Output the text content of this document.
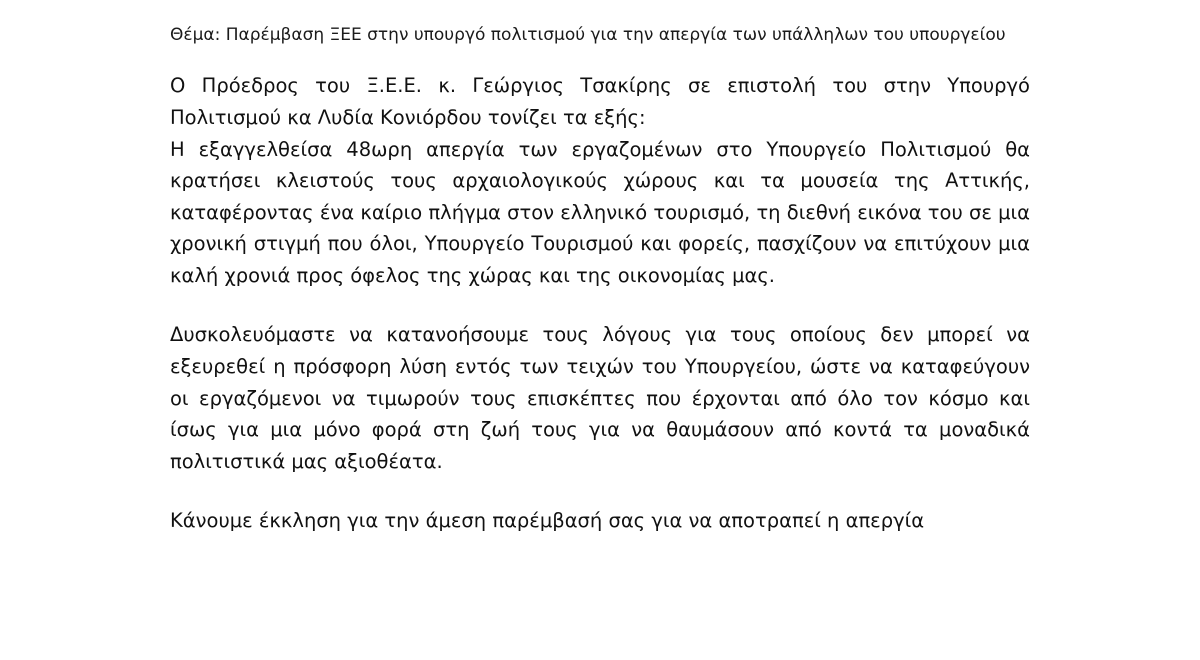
Θέμα: Παρέμβαση ΞΕΕ στην υπουργό πολιτισμού για την απεργία των υπάλληλων του υπουργείου

Ο Πρόεδρος του Ξ.Ε.Ε. κ. Γεώργιος Τσακίρης σε επιστολή του στην Υπουργό Πολιτισμού κα Λυδία Κονιόρδου τονίζει τα εξής:

Η εξαγγελθείσα 48ωρη απεργία των εργαζομένων στο Υπουργείο Πολιτισμού θα κρατήσει κλειστούς τους αρχαιολογικούς χώρους και τα μουσεία της Αττικής, καταφέροντας ένα καίριο πλήγμα στον ελληνικό τουρισμό, τη διεθνή εικόνα του σε μια χρονική στιγμή που όλοι, Υπουργείο Τουρισμού και φορείς, πασχίζουν να επιτύχουν μια καλή χρονιά προς όφελος της χώρας και της οικονομίας μας.

Δυσκολευόμαστε να κατανοήσουμε τους λόγους για τους οποίους δεν μπορεί να εξευρεθεί η πρόσφορη λύση εντός των τειχών του Υπουργείου, ώστε να καταφεύγουν οι εργαζόμενοι να τιμωρούν τους επισκέπτες που έρχονται από όλο τον κόσμο και ίσως για μια μόνο φορά στη ζωή τους για να θαυμάσουν από κοντά τα μοναδικά πολιτιστικά μας αξιοθέατα.

Κάνουμε έκκληση για την άμεση παρέμβασή σας για να αποτραπεί η απεργία
